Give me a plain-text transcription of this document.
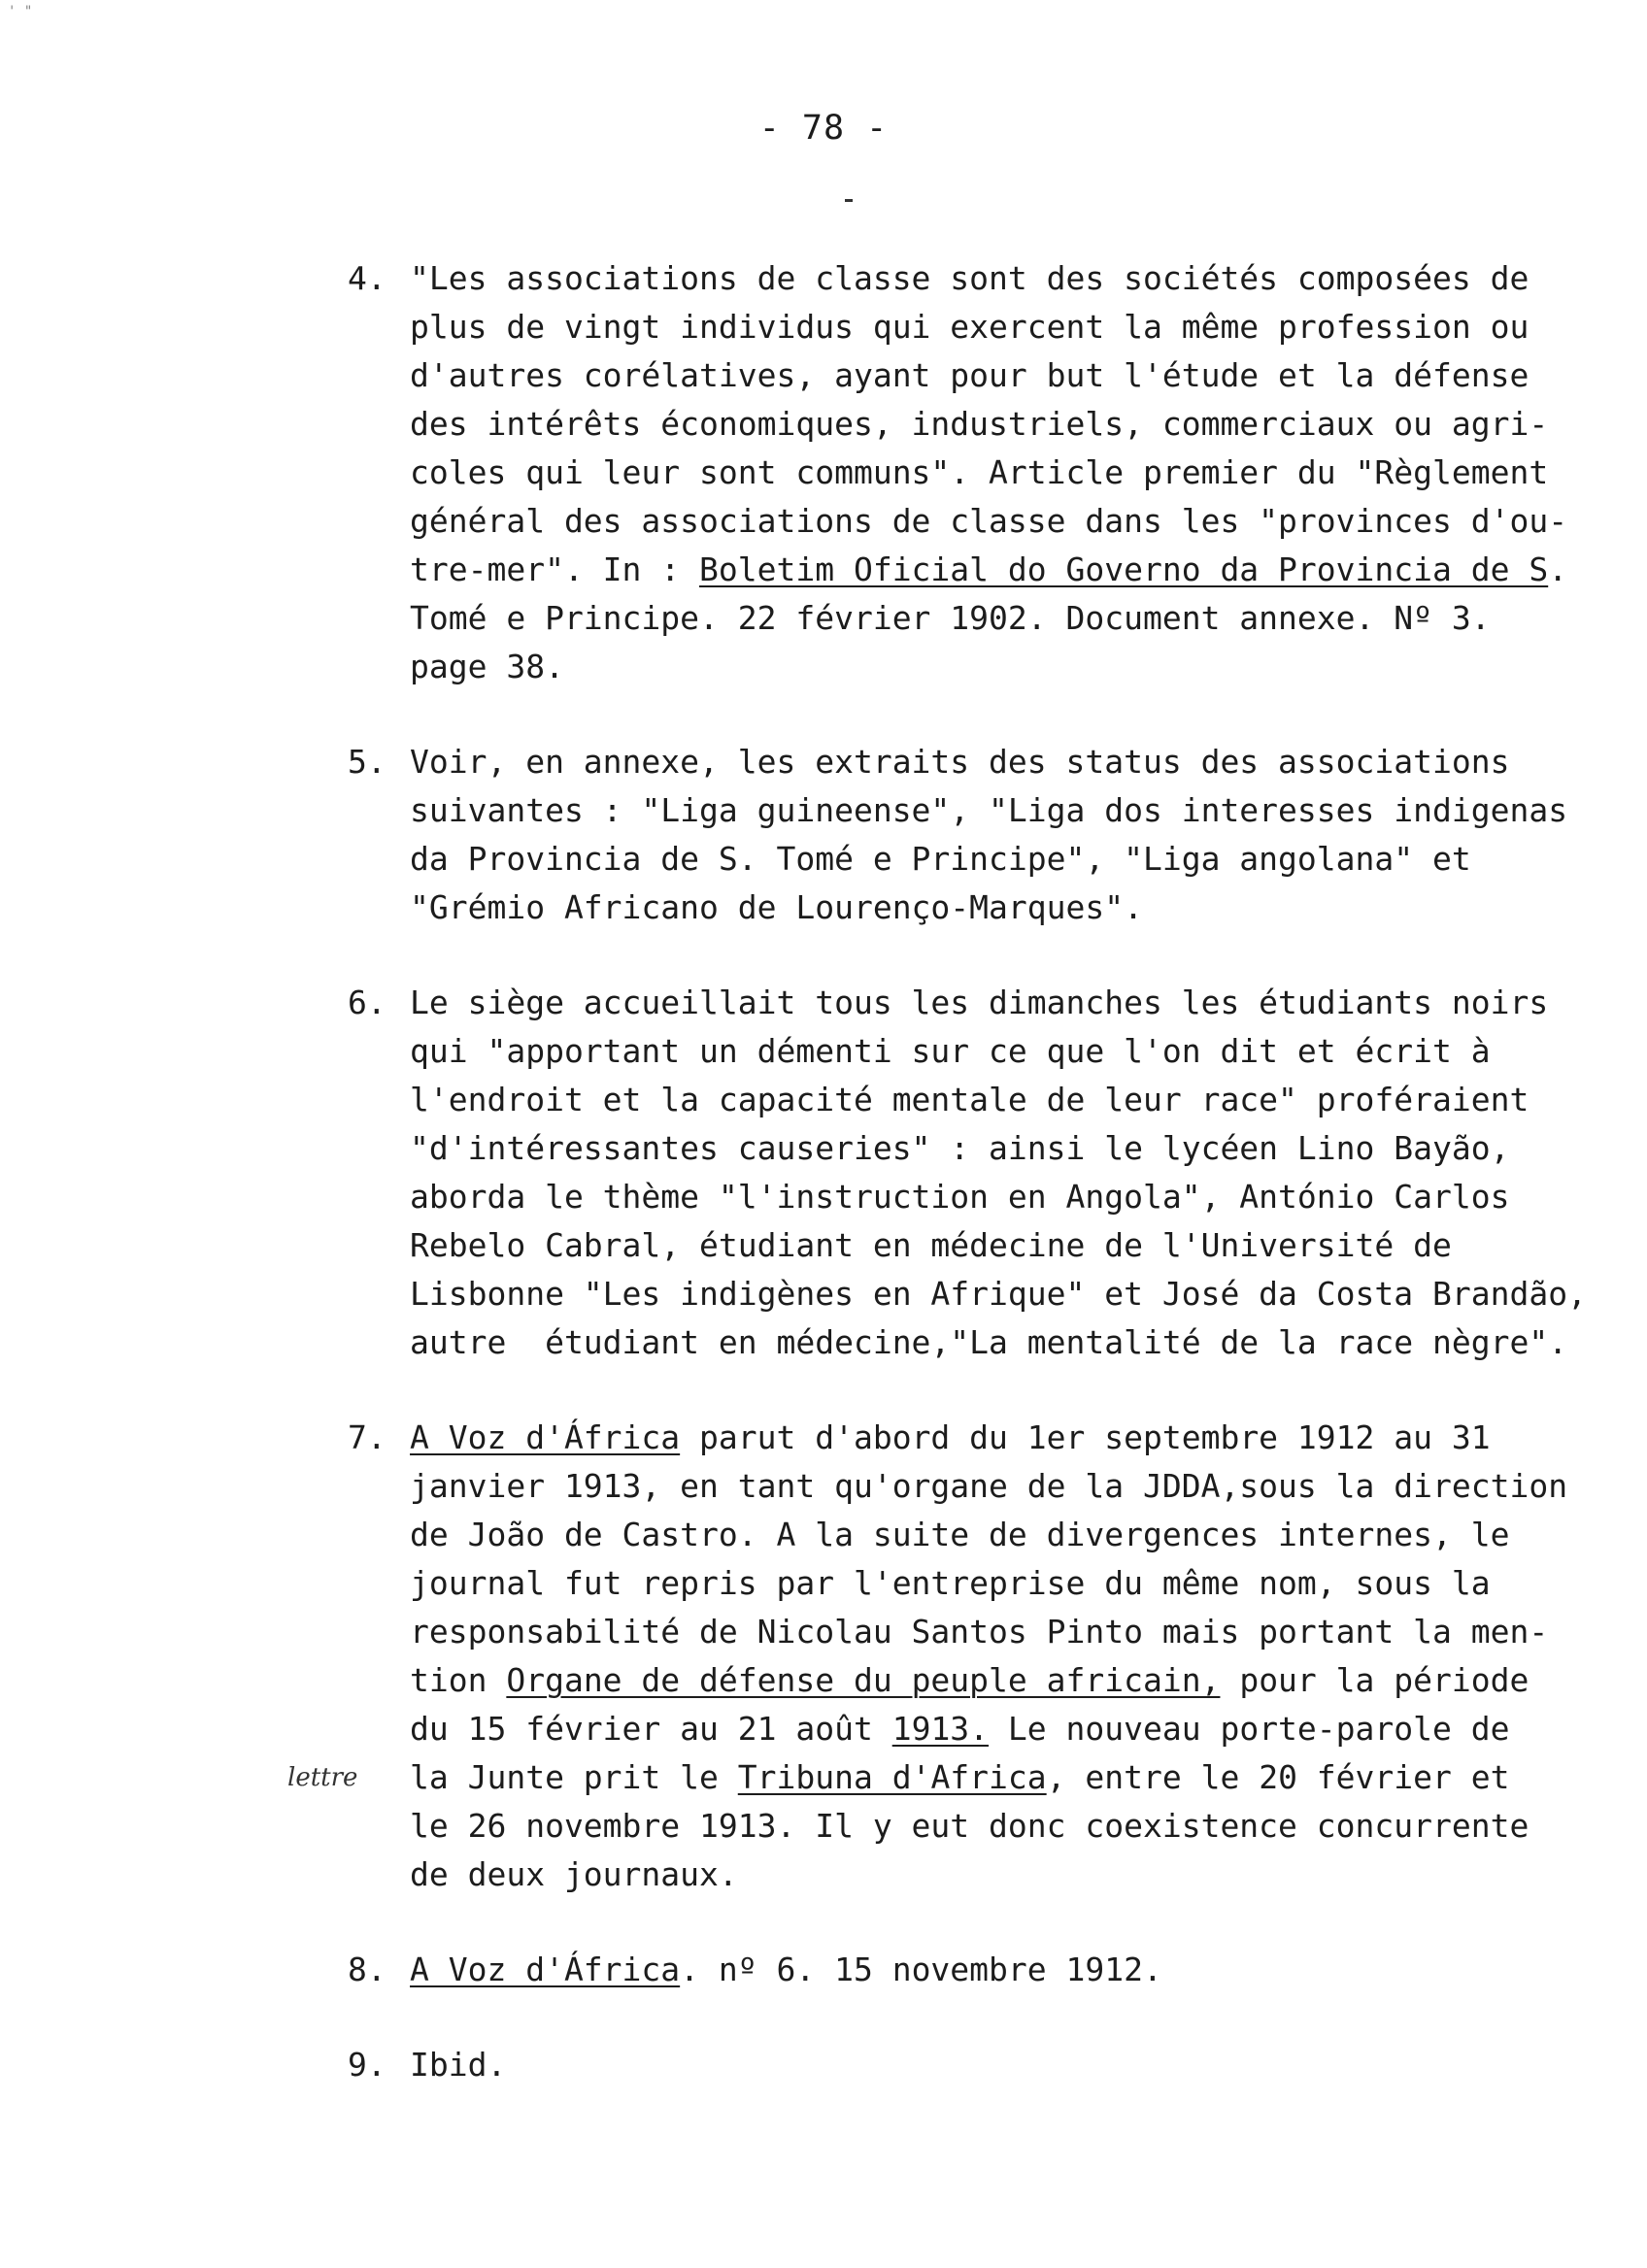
' "
- 78 -
4. "Les associations de classe sont des sociétés composées de
plus de vingt individus qui exercent la même profession ou
d'autres corélatives, ayant pour but l'étude et la défense
des intérêts économiques, industriels, commerciaux ou agri-
coles qui leur sont communs". Article premier du "Règlement
général des associations de classe dans les "provinces d'ou-
tre-mer". In : Boletim Oficial do Governo da Provincia de S.
Tomé e Principe. 22 février 1902. Document annexe. Nº 3.
page 38.
5. Voir, en annexe, les extraits des status des associations
suivantes : "Liga guineense", "Liga dos interesses indigenas
da Provincia de S. Tomé e Principe", "Liga angolana" et
"Grémio Africano de Lourenço-Marques".
6. Le siège accueillait tous les dimanches les étudiants noirs
qui "apportant un démenti sur ce que l'on dit et écrit à
l'endroit et la capacité mentale de leur race" proféraient
"d'intéressantes causeries" : ainsi le lycéen Lino Bayão,
aborda le thème "l'instruction en Angola", António Carlos
Rebelo Cabral, étudiant en médecine de l'Université de
Lisbonne "Les indigènes en Afrique" et José da Costa Brandão,
autre  étudiant en médecine,"La mentalité de la race nègre".
7. A Voz d'África parut d'abord du 1er septembre 1912 au 31
janvier 1913, en tant qu'organe de la JDDA,sous la direction
de João de Castro. A la suite de divergences internes, le
journal fut repris par l'entreprise du même nom, sous la
responsabilité de Nicolau Santos Pinto mais portant la men-
tion Organe de défense du peuple africain, pour la période
du 15 février au 21 août 1913. Le nouveau porte-parole de
la Junte prit le Tribuna d'Africa, entre le 20 février et
le 26 novembre 1913. Il y eut donc coexistence concurrente
de deux journaux.
8. A Voz d'África. nº 6. 15 novembre 1912.
9. Ibid.
lettre
